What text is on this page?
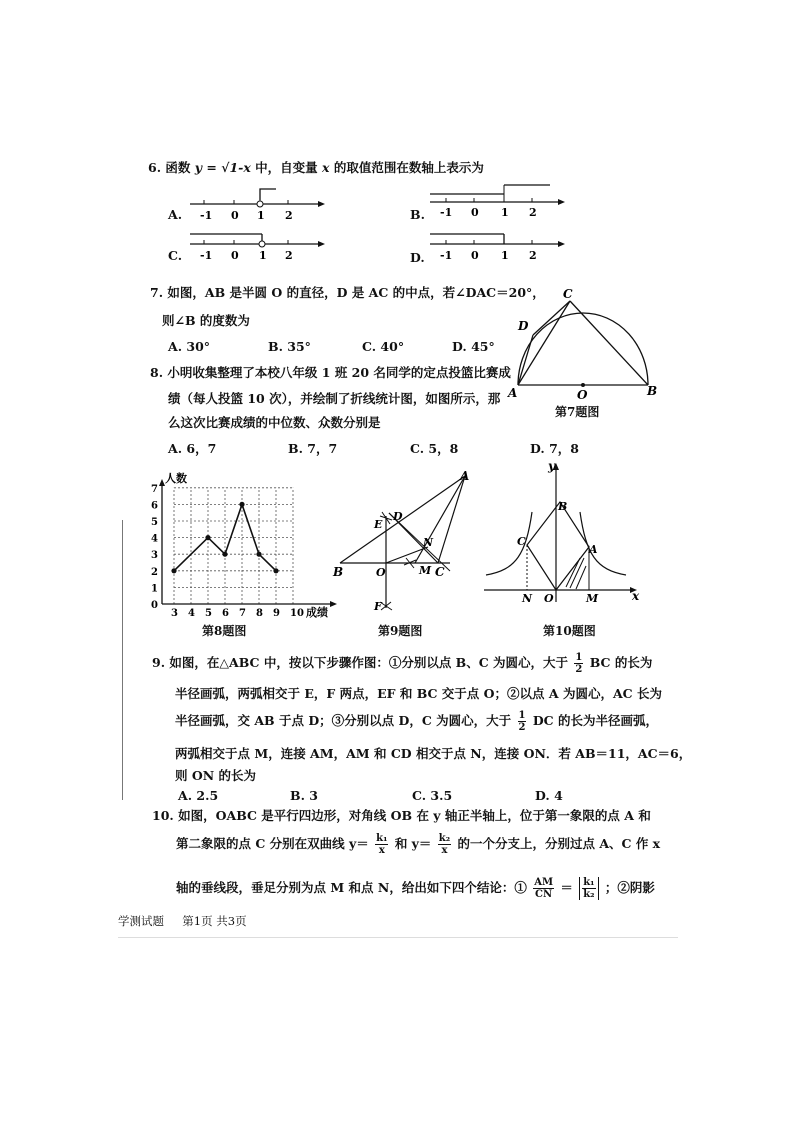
6. 函数 y = √1-x 中，自变量 x 的取值范围在数轴上表示为
A. -1 0 1 2	B. -1 0 1 2
C. -1 0 1 2	D. -1 0 1 2
7. 如图，AB 是半圆 O 的直径，D 是 AC 的中点，若∠DAC＝20°，
则∠B 的度数为
A. 30°	B. 35°	C. 40°	D. 45°
A	B
C
D
O
第7题图
8. 小明收集整理了本校八年级 1 班 20 名同学的定点投篮比赛成
绩（每人投篮 10 次），并绘制了折线统计图，如图所示，那
么这次比赛成绩的中位数、众数分别是
A. 6，7	B. 7，7	C. 5，8	D. 7，8
3 4 5 6 7 8 9 10
0
1
2
3
4
5
6
7
人数
成绩
第8题图
A
B	C
D
E
F
M
N
O
第9题图
y
x
A
B
C
M
N O
第10题图
9. 如图，在△ABC 中，按以下步骤作图：①分别以点 B、C 为圆心，大于 $\frac{1}{2}$ BC 的长为
半径画弧，两弧相交于 E，F 两点，EF 和 BC 交于点 O；②以点 A 为圆心，AC 长为
半径画弧，交 AB 于点 D；③分别以点 D，C 为圆心，大于 $\frac{1}{2}$ DC 的长为半径画弧，
两弧相交于点 M，连接 AM，AM 和 CD 相交于点 N，连接 ON．若 AB＝11，AC＝6，
则 ON 的长为
A. 2.5	B. 3	C. 3.5	D. 4
10. 如图，OABC 是平行四边形，对角线 OB 在 y 轴正半轴上，位于第一象限的点 A 和
第二象限的点 C 分别在双曲线 $y= \frac{\text{k₁}}{x}$ 和 $y= \frac{\text{k₂}}{x}$ 的一个分支上，分别过点 A、C 作 x
轴的垂线段，垂足分别为点 M 和点 N，给出如下四个结论：① $\frac{AM}{CN} = \frac{\text{k₁}}{\text{k₂}}$ ；②阴影
学测试题 第1页 共3页
